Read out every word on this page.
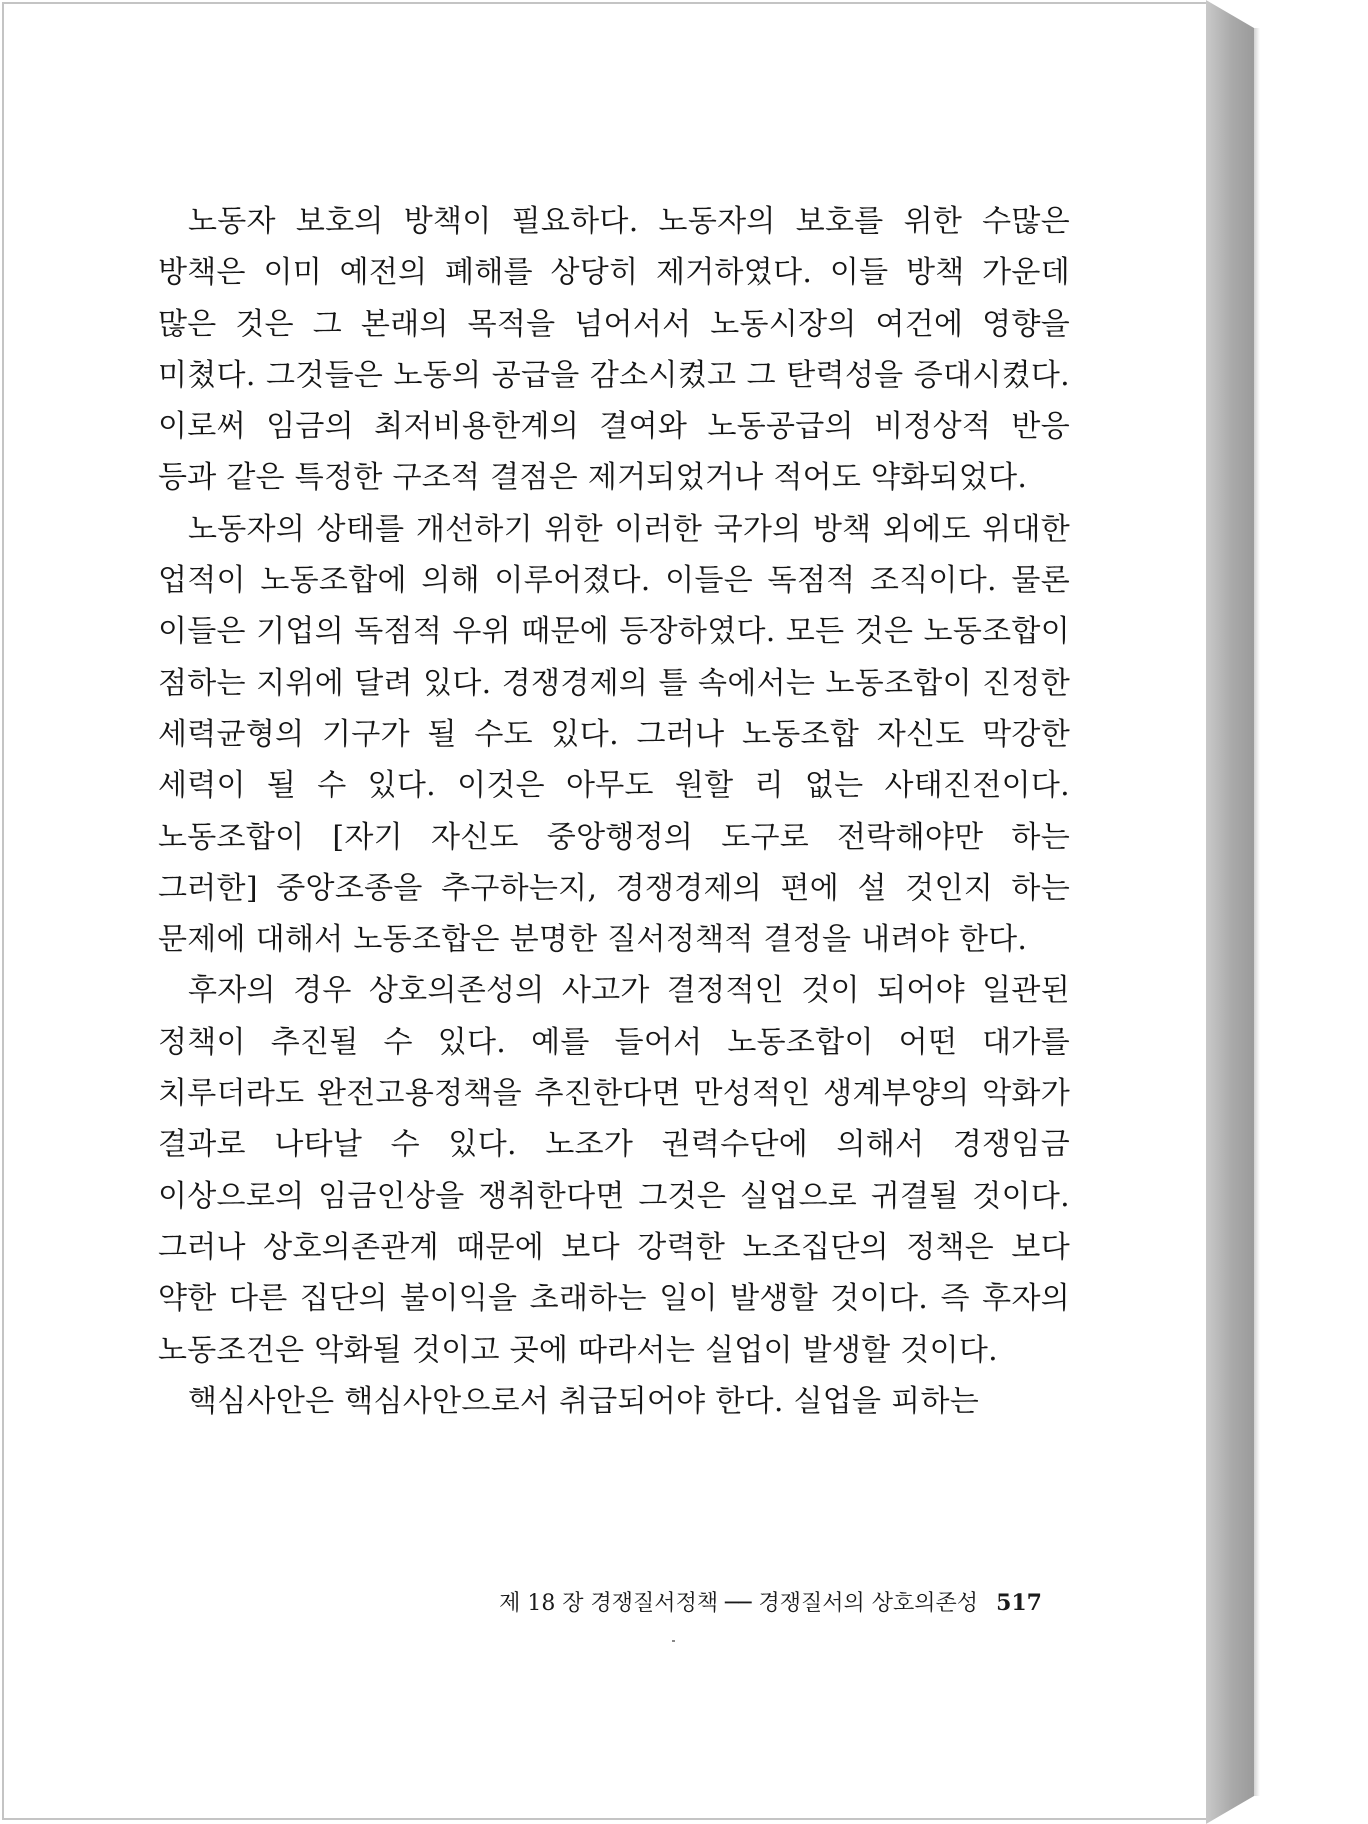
노동자 보호의 방책이 필요하다. 노동자의 보호를 위한 수많은 방책은 이미 예전의 폐해를 상당히 제거하였다. 이들 방책 가운데 많은 것은 그 본래의 목적을 넘어서서 노동시장의 여건에 영향을 미쳤다. 그것들은 노동의 공급을 감소시켰고 그 탄력성을 증대시켰다. 이로써 임금의 최저비용한계의 결여와 노동공급의 비정상적 반응 등과 같은 특정한 구조적 결점은 제거되었거나 적어도 약화되었다.

노동자의 상태를 개선하기 위한 이러한 국가의 방책 외에도 위대한 업적이 노동조합에 의해 이루어졌다. 이들은 독점적 조직이다. 물론 이들은 기업의 독점적 우위 때문에 등장하였다. 모든 것은 노동조합이 점하는 지위에 달려 있다. 경쟁경제의 틀 속에서는 노동조합이 진정한 세력균형의 기구가 될 수도 있다. 그러나 노동조합 자신도 막강한 세력이 될 수 있다. 이것은 아무도 원할 리 없는 사태진전이다. 노동조합이 [자기 자신도 중앙행정의 도구로 전락해야만 하는 그러한] 중앙조종을 추구하는지, 경쟁경제의 편에 설 것인지 하는 문제에 대해서 노동조합은 분명한 질서정책적 결정을 내려야 한다.

후자의 경우 상호의존성의 사고가 결정적인 것이 되어야 일관된 정책이 추진될 수 있다. 예를 들어서 노동조합이 어떤 대가를 치루더라도 완전고용정책을 추진한다면 만성적인 생계부양의 악화가 결과로 나타날 수 있다. 노조가 권력수단에 의해서 경쟁임금 이상으로의 임금인상을 쟁취한다면 그것은 실업으로 귀결될 것이다. 그러나 상호의존관계 때문에 보다 강력한 노조집단의 정책은 보다 약한 다른 집단의 불이익을 초래하는 일이 발생할 것이다. 즉 후자의 노동조건은 악화될 것이고 곳에 따라서는 실업이 발생할 것이다.

핵심사안은 핵심사안으로서 취급되어야 한다. 실업을 피하는

제 18 장 경쟁질서정책 ── 경쟁질서의 상호의존성 517
